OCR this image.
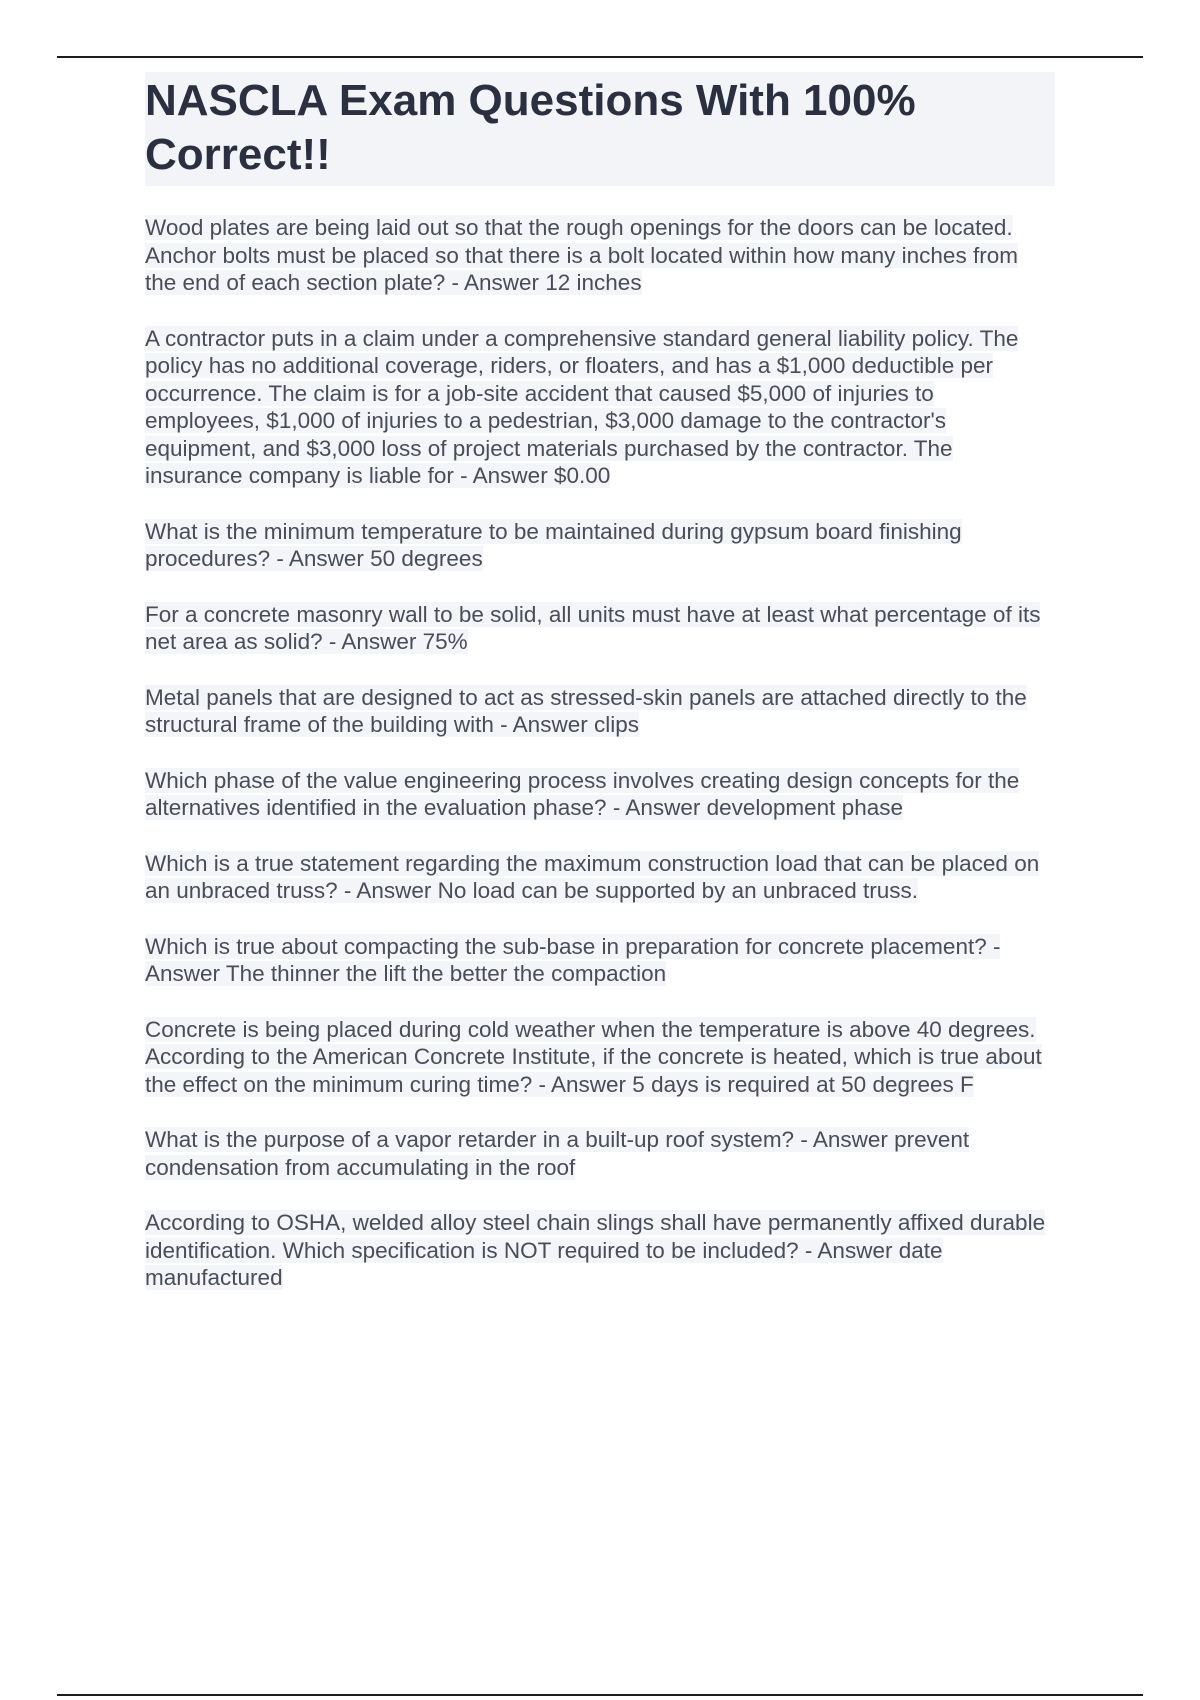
NASCLA Exam Questions With 100% Correct!!
Wood plates are being laid out so that the rough openings for the doors can be located. Anchor bolts must be placed so that there is a bolt located within how many inches from the end of each section plate? - Answer 12 inches
A contractor puts in a claim under a comprehensive standard general liability policy. The policy has no additional coverage, riders, or floaters, and has a $1,000 deductible per occurrence. The claim is for a job-site accident that caused $5,000 of injuries to employees, $1,000 of injuries to a pedestrian, $3,000 damage to the contractor's equipment, and $3,000 loss of project materials purchased by the contractor. The insurance company is liable for - Answer $0.00
What is the minimum temperature to be maintained during gypsum board finishing procedures? - Answer 50 degrees
For a concrete masonry wall to be solid, all units must have at least what percentage of its net area as solid? - Answer 75%
Metal panels that are designed to act as stressed-skin panels are attached directly to the structural frame of the building with - Answer clips
Which phase of the value engineering process involves creating design concepts for the alternatives identified in the evaluation phase? - Answer development phase
Which is a true statement regarding the maximum construction load that can be placed on an unbraced truss? - Answer No load can be supported by an unbraced truss.
Which is true about compacting the sub-base in preparation for concrete placement? - Answer The thinner the lift the better the compaction
Concrete is being placed during cold weather when the temperature is above 40 degrees. According to the American Concrete Institute, if the concrete is heated, which is true about the effect on the minimum curing time? - Answer 5 days is required at 50 degrees F
What is the purpose of a vapor retarder in a built-up roof system? - Answer prevent condensation from accumulating in the roof
According to OSHA, welded alloy steel chain slings shall have permanently affixed durable identification. Which specification is NOT required to be included? - Answer date manufactured
